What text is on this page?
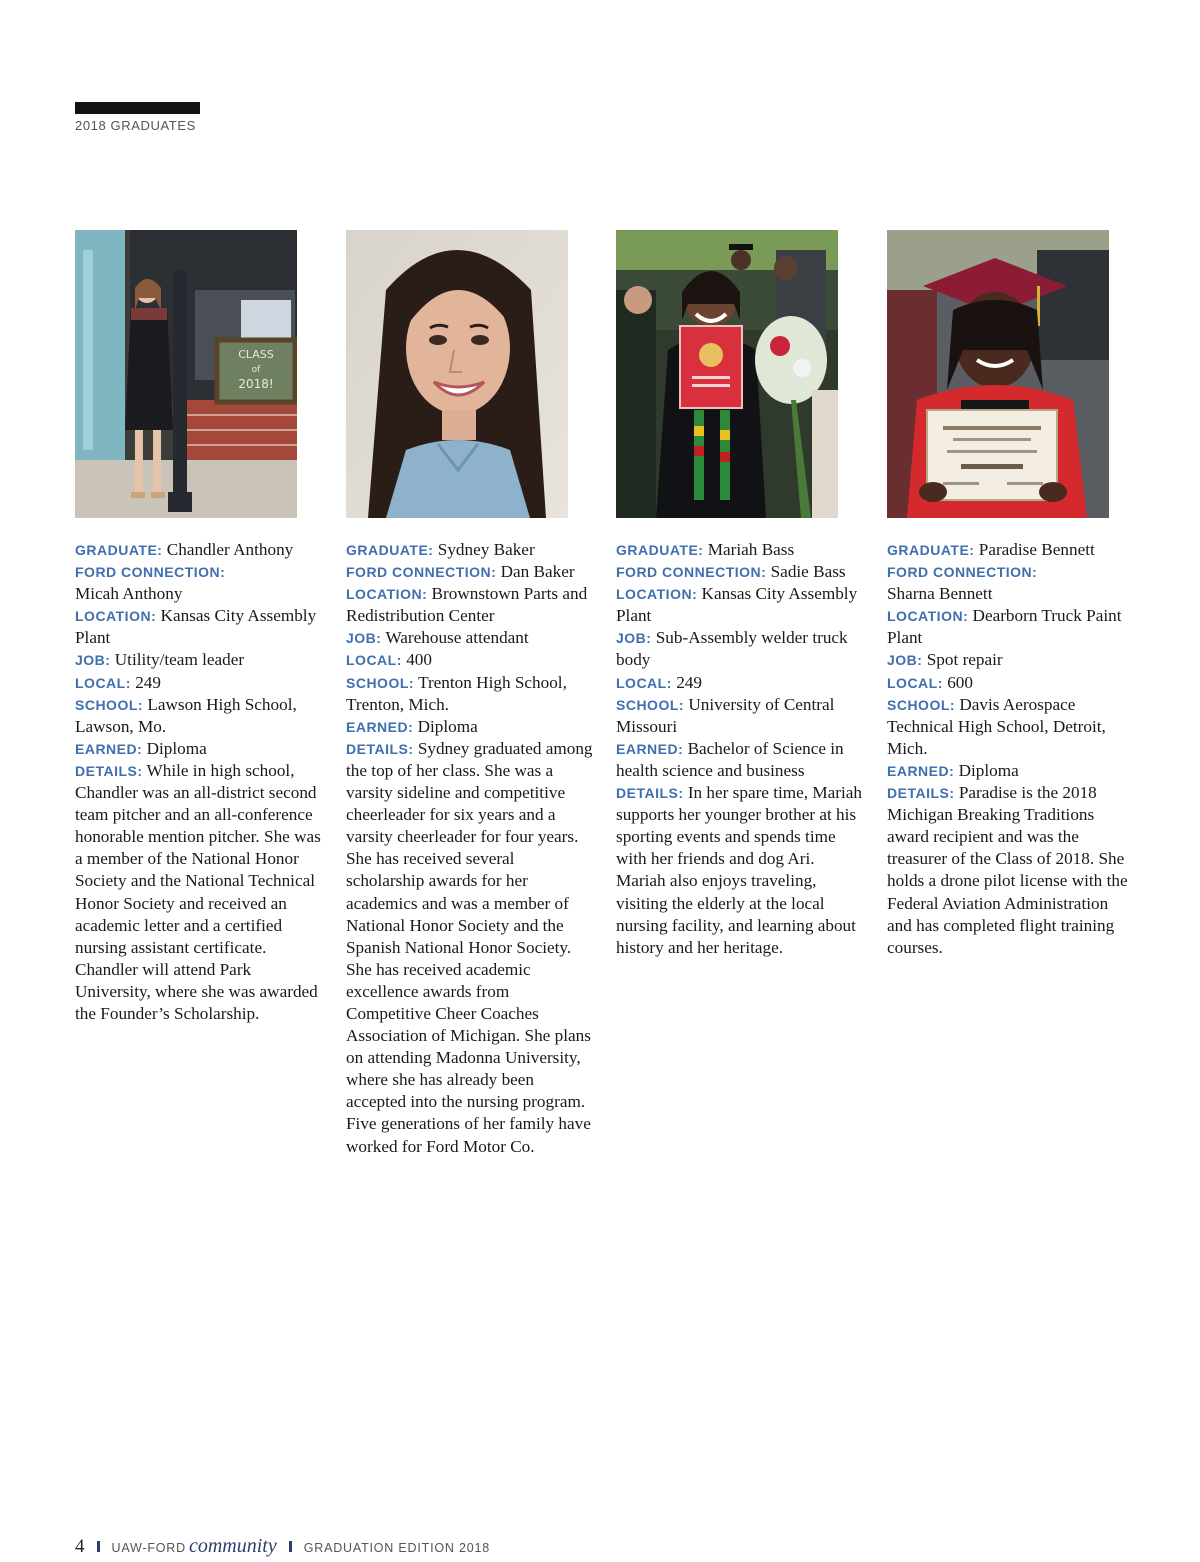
2018 GRADUATES
CLASS
of
2018!
GRADUATE: Chandler Anthony
FORD CONNECTION:
Micah Anthony
LOCATION: Kansas City Assembly Plant
JOB: Utility/team leader
LOCAL: 249
SCHOOL: Lawson High School, Lawson, Mo.
EARNED: Diploma
DETAILS: While in high school, Chandler was an all-district second team pitcher and an all-conference honorable mention pitcher. She was a member of the National Honor Society and the National Technical Honor Society and received an academic letter and a certified nursing assistant certificate. Chandler will attend Park University, where she was awarded the Founder’s Scholarship.
GRADUATE: Sydney Baker
FORD CONNECTION: Dan Baker
LOCATION: Brownstown Parts and Redistribution Center
JOB: Warehouse attendant
LOCAL: 400
SCHOOL: Trenton High School, Trenton, Mich.
EARNED: Diploma
DETAILS: Sydney graduated among the top of her class. She was a varsity sideline and competitive cheerleader for six years and a varsity cheerleader for four years. She has received several scholarship awards for her academics and was a member of National Honor Society and the Spanish National Honor Society. She has received academic excellence awards from Competitive Cheer Coaches Association of Michigan. She plans on attending Madonna University, where she has already been accepted into the nursing program. Five generations of her family have worked for Ford Motor Co.
GRADUATE: Mariah Bass
FORD CONNECTION: Sadie Bass
LOCATION: Kansas City Assembly Plant
JOB: Sub-Assembly welder truck body
LOCAL: 249
SCHOOL: University of Central Missouri
EARNED: Bachelor of Science in health science and business
DETAILS: In her spare time, Mariah supports her younger brother at his sporting events and spends time with her friends and dog Ari. Mariah also enjoys traveling, visiting the elderly at the local nursing facility, and learning about history and her heritage.
GRADUATE: Paradise Bennett
FORD CONNECTION:
Sharna Bennett
LOCATION: Dearborn Truck Paint Plant
JOB: Spot repair
LOCAL: 600
SCHOOL: Davis Aerospace Technical High School, Detroit, Mich.
EARNED: Diploma
DETAILS: Paradise is the 2018 Michigan Breaking Traditions award recipient and was the treasurer of the Class of 2018. She holds a drone pilot license with the Federal Aviation Administration and has completed flight training courses.
4 UAW-FORD community GRADUATION EDITION 2018
